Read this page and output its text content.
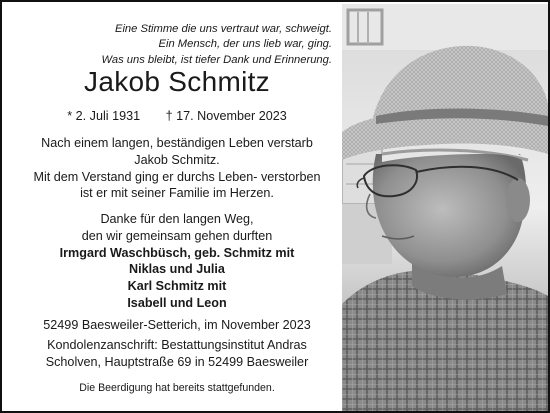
Eine Stimme die uns vertraut war, schweigt.
Ein Mensch, der uns lieb war, ging.
Was uns bleibt, ist tiefer Dank und Erinnerung.
Jakob Schmitz
* 2. Juli 1931 † 17. November 2023
Nach einem langen, beständigen Leben verstarb
Jakob Schmitz.
Mit dem Verstand ging er durchs Leben- verstorben
ist er mit seiner Familie im Herzen.
Danke für den langen Weg,
den wir gemeinsam gehen durften
Irmgard Waschbüsch, geb. Schmitz mit
Niklas und Julia
Karl Schmitz mit
Isabell und Leon
52499 Baesweiler-Setterich, im November 2023
Kondolenzanschrift: Bestattungsinstitut Andras
Scholven, Hauptstraße 69 in 52499 Baesweiler
Die Beerdigung hat bereits stattgefunden.
